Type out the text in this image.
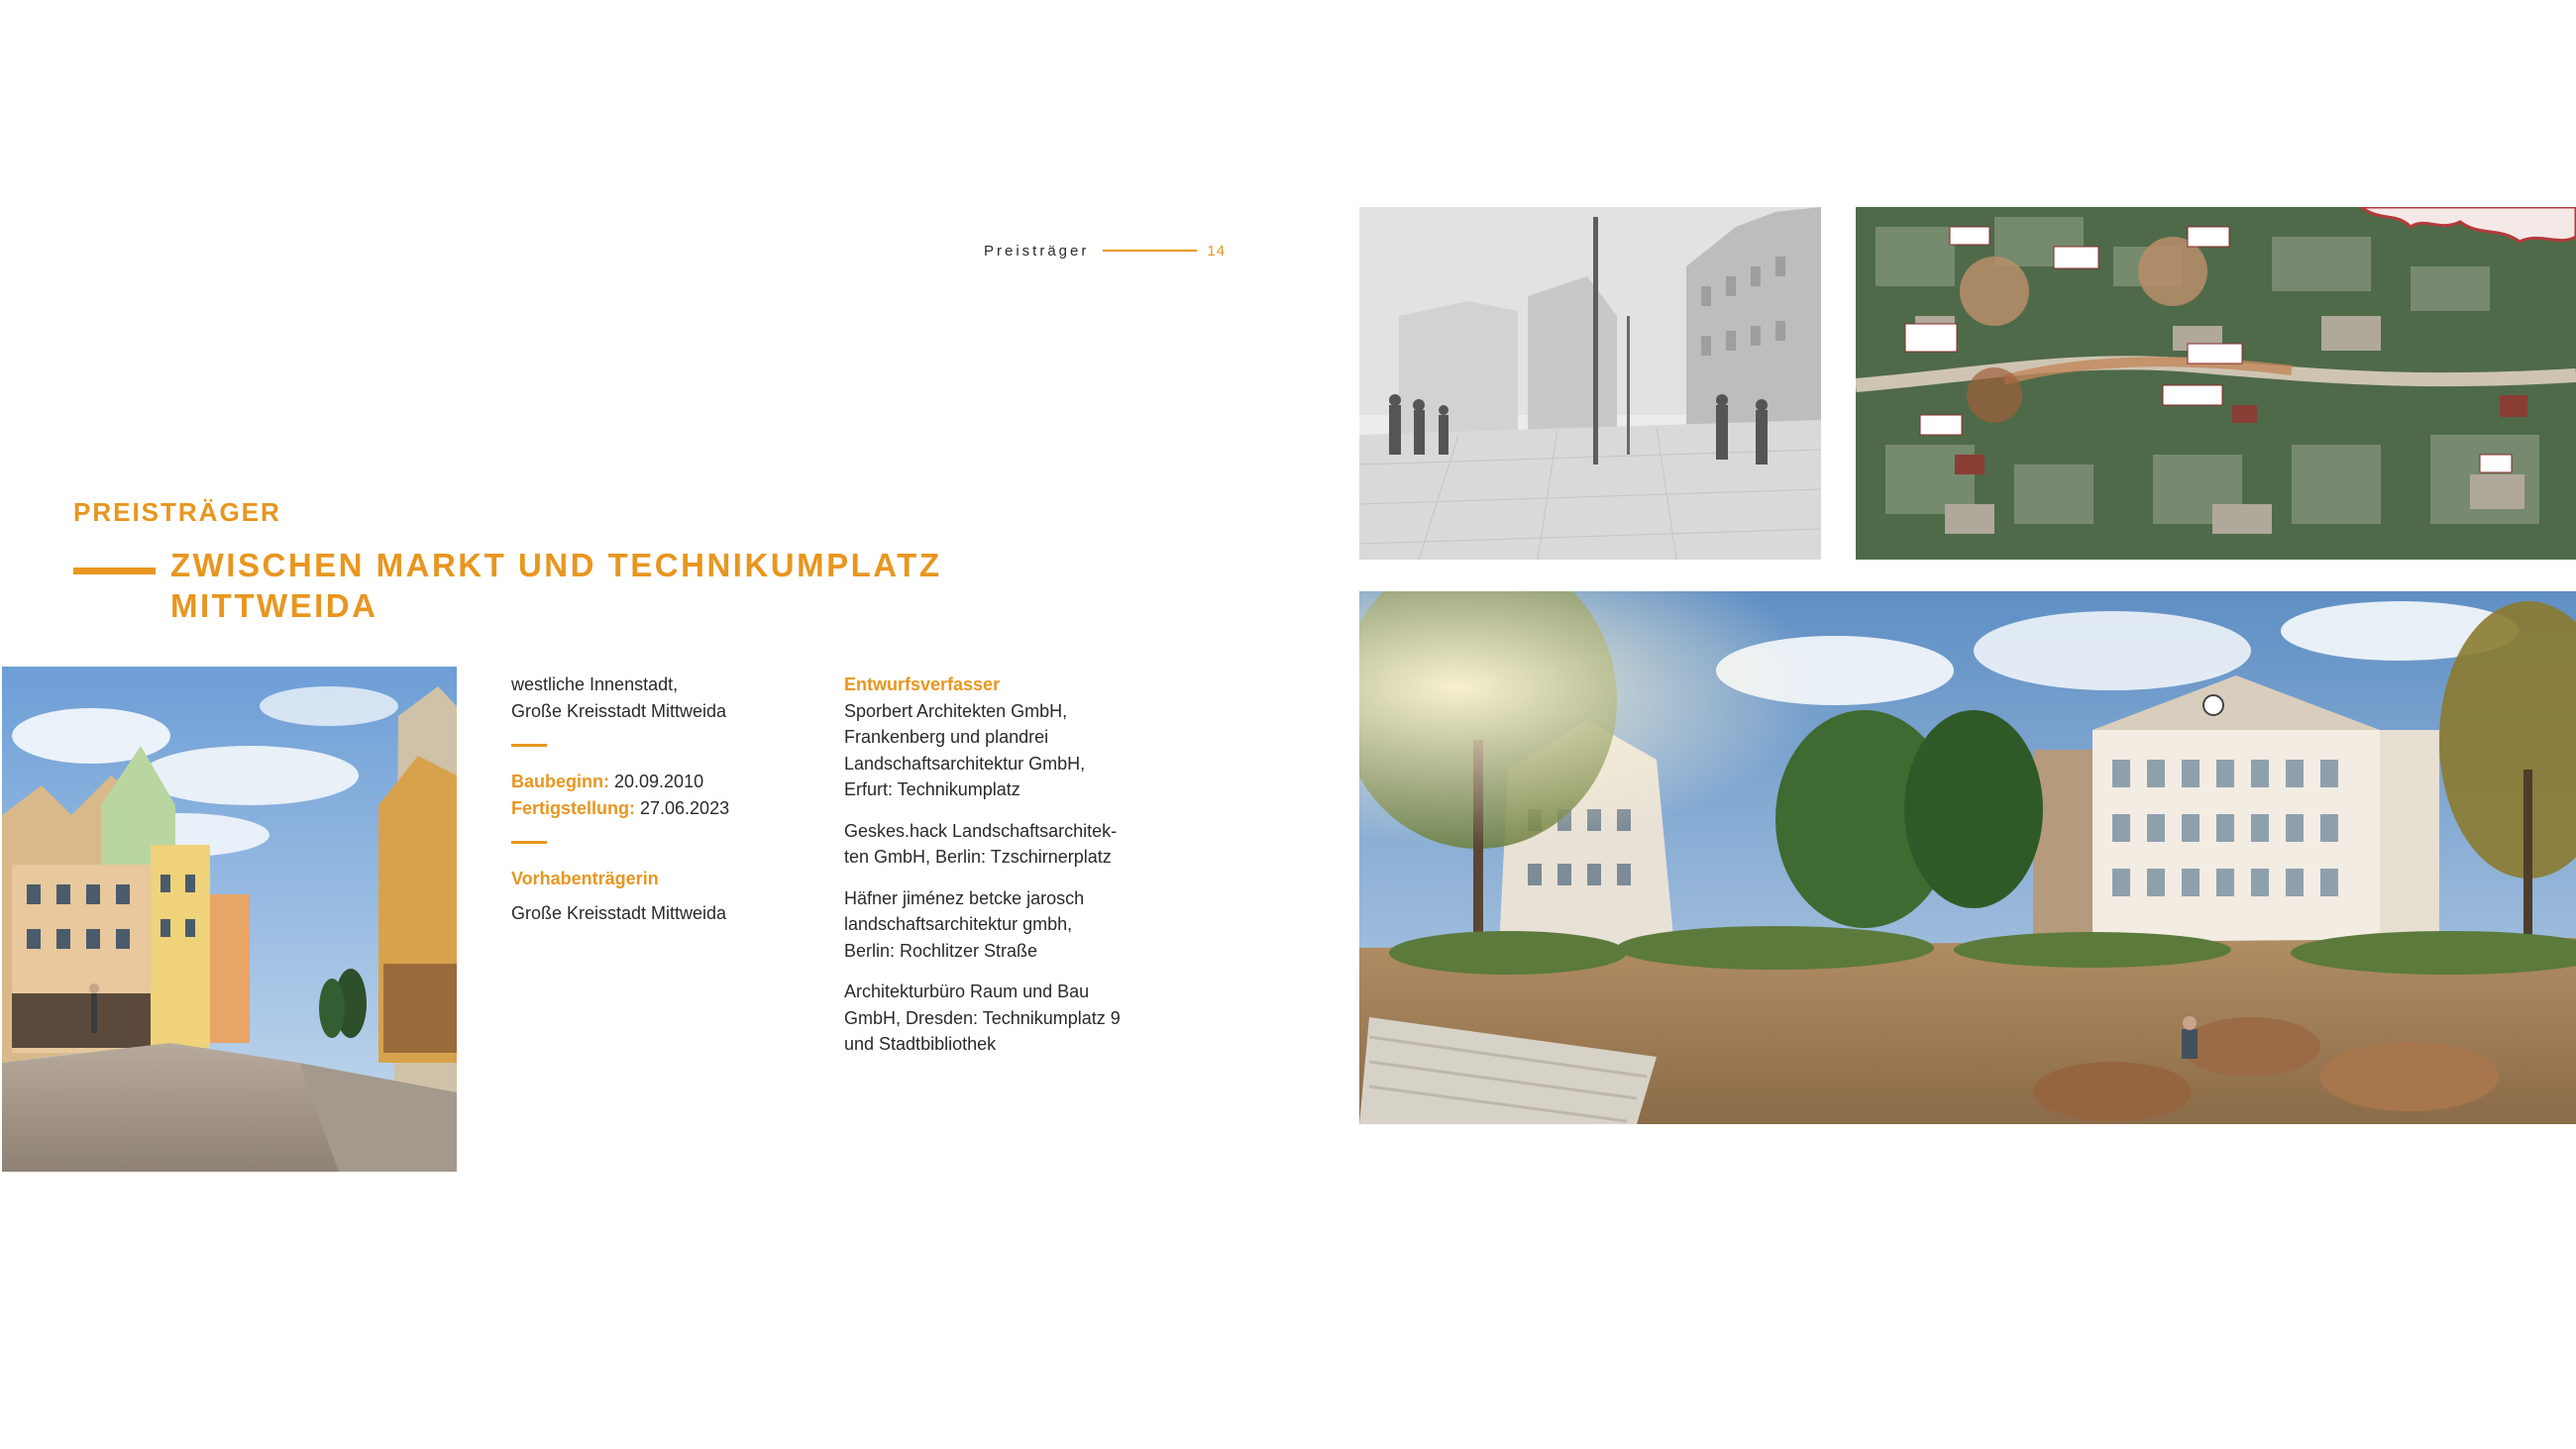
Preisträger	14
PREISTRÄGER
ZWISCHEN MARKT UND TECHNIKUMPLATZ
MITTWEIDA

westliche Innenstadt,

Große Kreisstadt Mittweida

Baubeginn: 20.09.2010

Fertigstellung: 27.06.2023

Vorhabenträgerin

Große Kreisstadt Mittweida

Entwurfsverfasser

Sporbert Architekten GmbH,

Frankenberg und plandrei

Landschaftsarchitektur GmbH,

Erfurt: Technikumplatz

Geskes.hack Landschaftsarchitek-

ten GmbH, Berlin: Tzschirnerplatz

Häfner jiménez betcke jarosch

landschaftsarchitektur gmbh,

Berlin: Rochlitzer Straße

Architekturbüro Raum und Bau

GmbH, Dresden: Technikumplatz 9

und Stadtbibliothek
